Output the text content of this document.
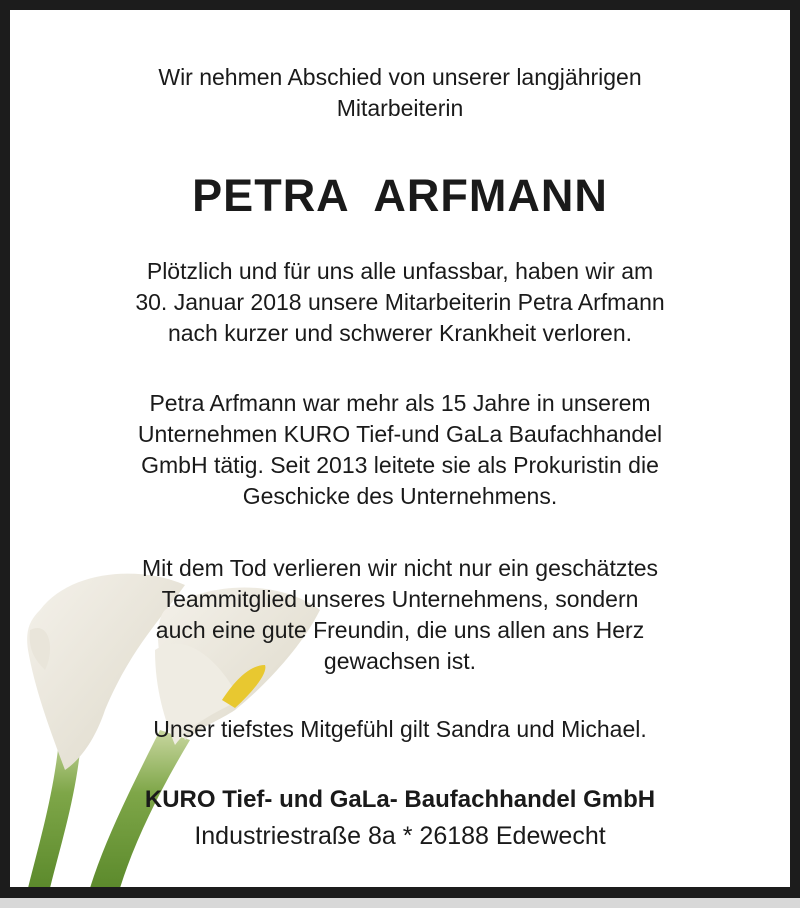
Wir nehmen Abschied von unserer langjährigen
Mitarbeiterin
PETRA  ARFMANN
Plötzlich und für uns alle unfassbar, haben wir am
30. Januar 2018 unsere Mitarbeiterin Petra Arfmann
nach kurzer und schwerer Krankheit verloren.
Petra Arfmann war mehr als 15 Jahre in unserem
Unternehmen KURO Tief-und GaLa Baufachhandel
GmbH tätig. Seit 2013 leitete sie als Prokuristin die
Geschicke des Unternehmens.
Mit dem Tod verlieren wir nicht nur ein geschätztes
Teammitglied unseres Unternehmens, sondern
auch eine gute Freundin, die uns allen ans Herz
gewachsen ist.
Unser tiefstes Mitgefühl gilt Sandra und Michael.
KURO Tief- und GaLa- Baufachhandel GmbH
Industriestraße 8a * 26188 Edewecht
